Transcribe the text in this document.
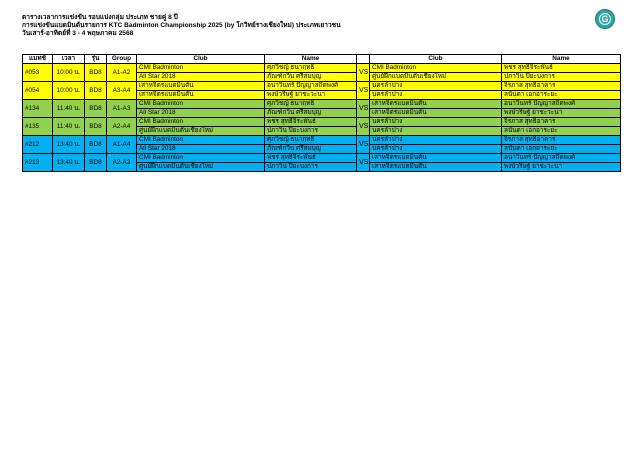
ตารางเวลาการแข่งขัน รอบแบ่งกลุ่ม ประเภท ชายคู่ 8 ปี
การแข่งขันแบดมินตันรายการ KTC Badminton Championship 2025 (by โกวิทย์รางเชียงใหม่) ประเภทเยาวชน
วันเสาร์-อาทิตย์ที่ 3 - 4 พฤษภาคม 2568
G
แมทช์	เวลา	รุ่น	Group	Club	Name		Club	Name
#053	10:00 น.	BD8	A1-A2	CMI Badminton	ศุภวิชญ์ ธนาฤทธิ์	VS	CMI Badminton	พชร สุทธิจิระพันธ์
				All Star 2018	ภัณฑ์กวิน ศรีสมบุญ		ศูนย์ฝึกแบดมินตันเชียงใหม่	ปภาวิน ปิยะบงการ
#054	10:00 น.	BD8	A3-A4	เสาหจิตรแบดมินตัน	อนาวินทร์ ปัญญาสถิตพงศ์	VS	นครลำปาง	จิรภาส สุทธิอาคาร
				เสาหจิตรแบดมินตัน	พงษ์วริษฐ์ ยาชะวะนา		นครลำปาง	ลนันดา เอกอาระยะ
#134	11:40 น.	BD8	A1-A3	CMI Badminton	ศุภวิชญ์ ธนาฤทธิ์	VS	เสาหจิตรแบดมินตัน	อนาวินทร์ ปัญญาสถิตพงศ์
				All Star 2018	ภัณฑ์กวิน ศรีสมบุญ		เสาหจิตรแบดมินตัน	พงษ์วริษฐ์ ยาชะวะนา
#135	11:40 น.	BD8	A2-A4	CMI Badminton	พชร สุทธิจิระพันธ์	VS	นครลำปาง	จิรภาส สุทธิอาคาร
				ศูนย์ฝึกแบดมินตันเชียงใหม่	ปภาวิน ปิยะบงการ		นครลำปาง	ลนันดา เอกอาระยะ
#212	13:40 น.	BD8	A1-A4	CMI Badminton	ศุภวิชญ์ ธนาฤทธิ์	VS	นครลำปาง	จิรภาส สุทธิอาคาร
				All Star 2018	ภัณฑ์กวิน ศรีสมบุญ		นครลำปาง	ลนันดา เอกอาระยะ
#213	13:40 น.	BD8	A2-A3	CMI Badminton	พชร สุทธิจิระพันธ์	VS	เสาหจิตรแบดมินตัน	อนาวินทร์ ปัญญาสถิตพงศ์
				ศูนย์ฝึกแบดมินตันเชียงใหม่	ปภาวิน ปิยะบงการ		เสาหจิตรแบดมินตัน	พงษ์วริษฐ์ ยาชะวะนา
